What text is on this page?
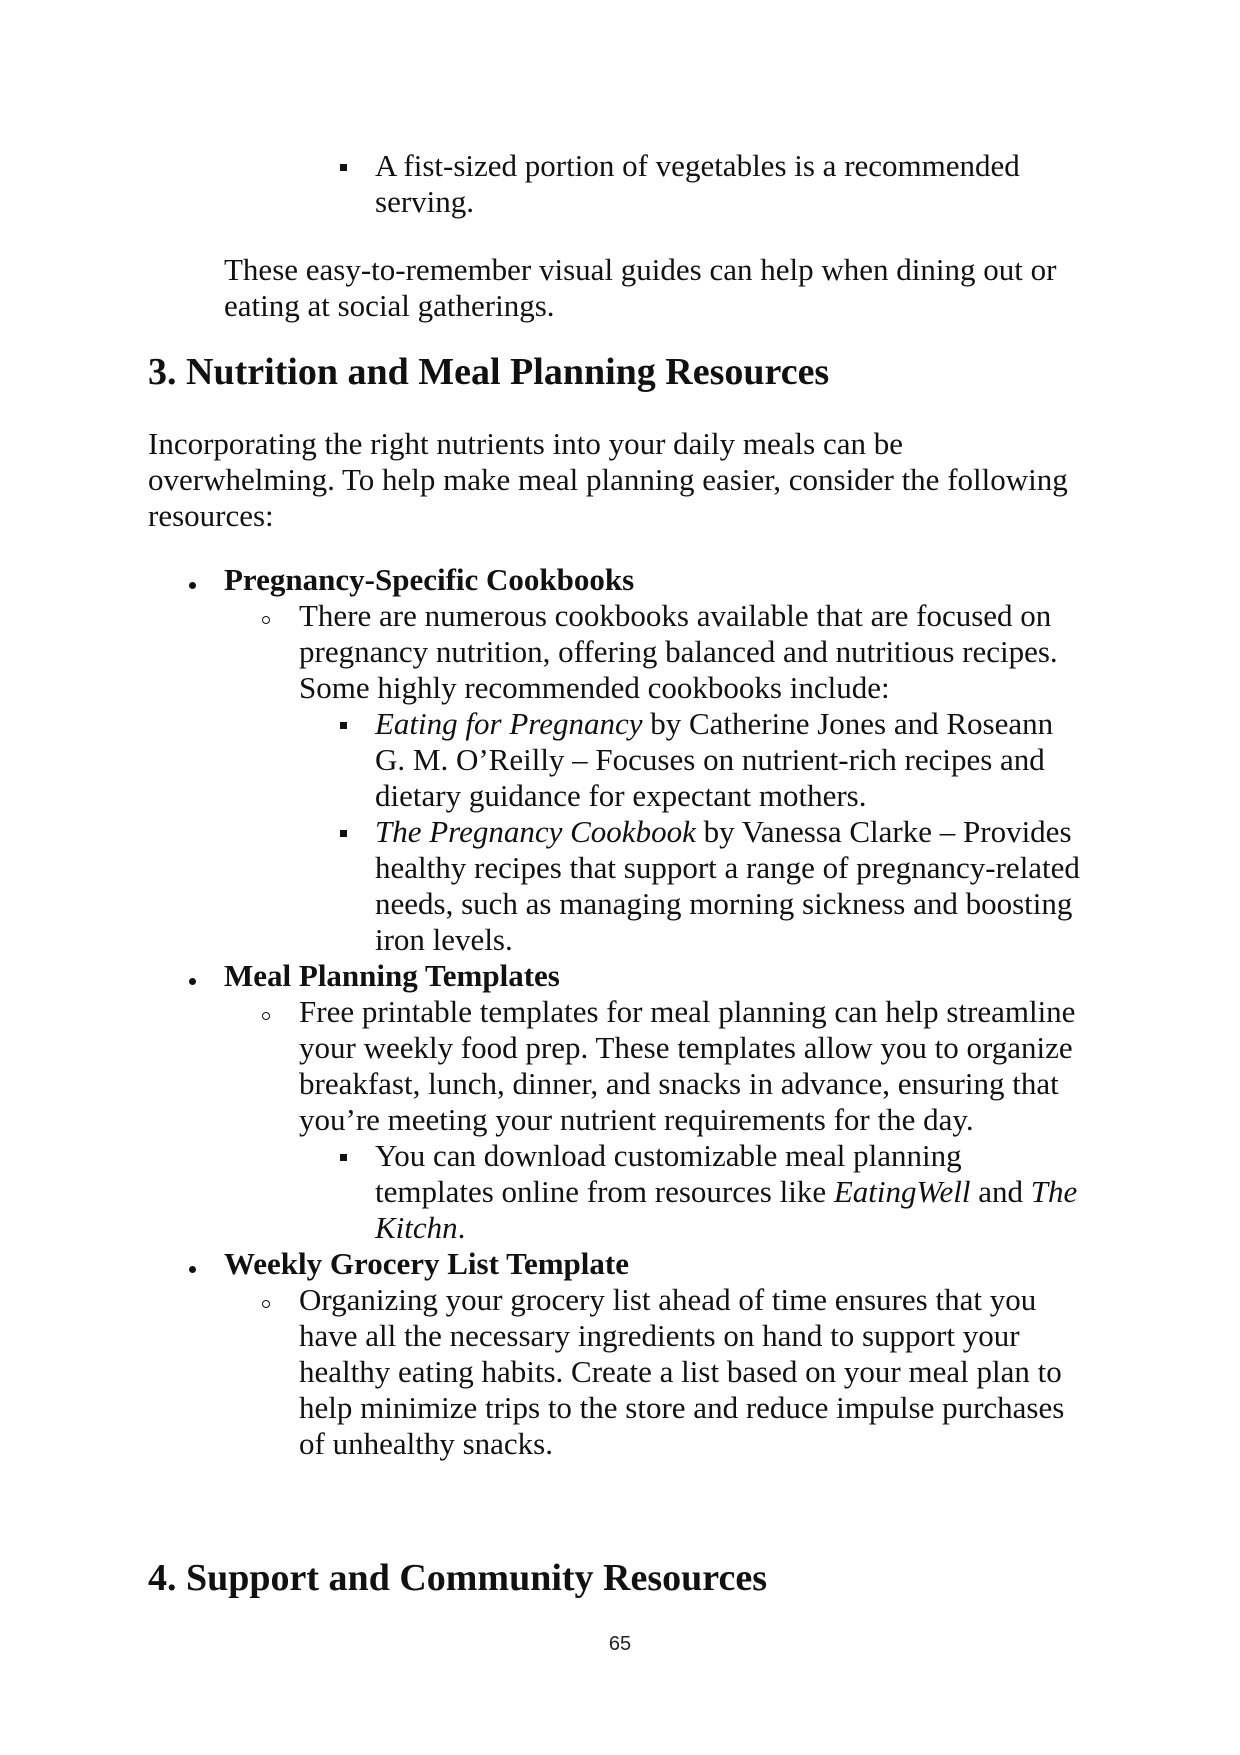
A fist-sized portion of vegetables is a recommended
serving.
These easy-to-remember visual guides can help when dining out or
eating at social gatherings.
3. Nutrition and Meal Planning Resources
Incorporating the right nutrients into your daily meals can be
overwhelming. To help make meal planning easier, consider the following
resources:
Pregnancy-Specific Cookbooks
There are numerous cookbooks available that are focused on
pregnancy nutrition, offering balanced and nutritious recipes.
Some highly recommended cookbooks include:
Eating for Pregnancy by Catherine Jones and Roseann
G. M. O’Reilly – Focuses on nutrient-rich recipes and
dietary guidance for expectant mothers.
The Pregnancy Cookbook by Vanessa Clarke – Provides
healthy recipes that support a range of pregnancy-related
needs, such as managing morning sickness and boosting
iron levels.
Meal Planning Templates
Free printable templates for meal planning can help streamline
your weekly food prep. These templates allow you to organize
breakfast, lunch, dinner, and snacks in advance, ensuring that
you’re meeting your nutrient requirements for the day.
You can download customizable meal planning
templates online from resources like EatingWell and The
Kitchn.
Weekly Grocery List Template
Organizing your grocery list ahead of time ensures that you
have all the necessary ingredients on hand to support your
healthy eating habits. Create a list based on your meal plan to
help minimize trips to the store and reduce impulse purchases
of unhealthy snacks.
4. Support and Community Resources
65
